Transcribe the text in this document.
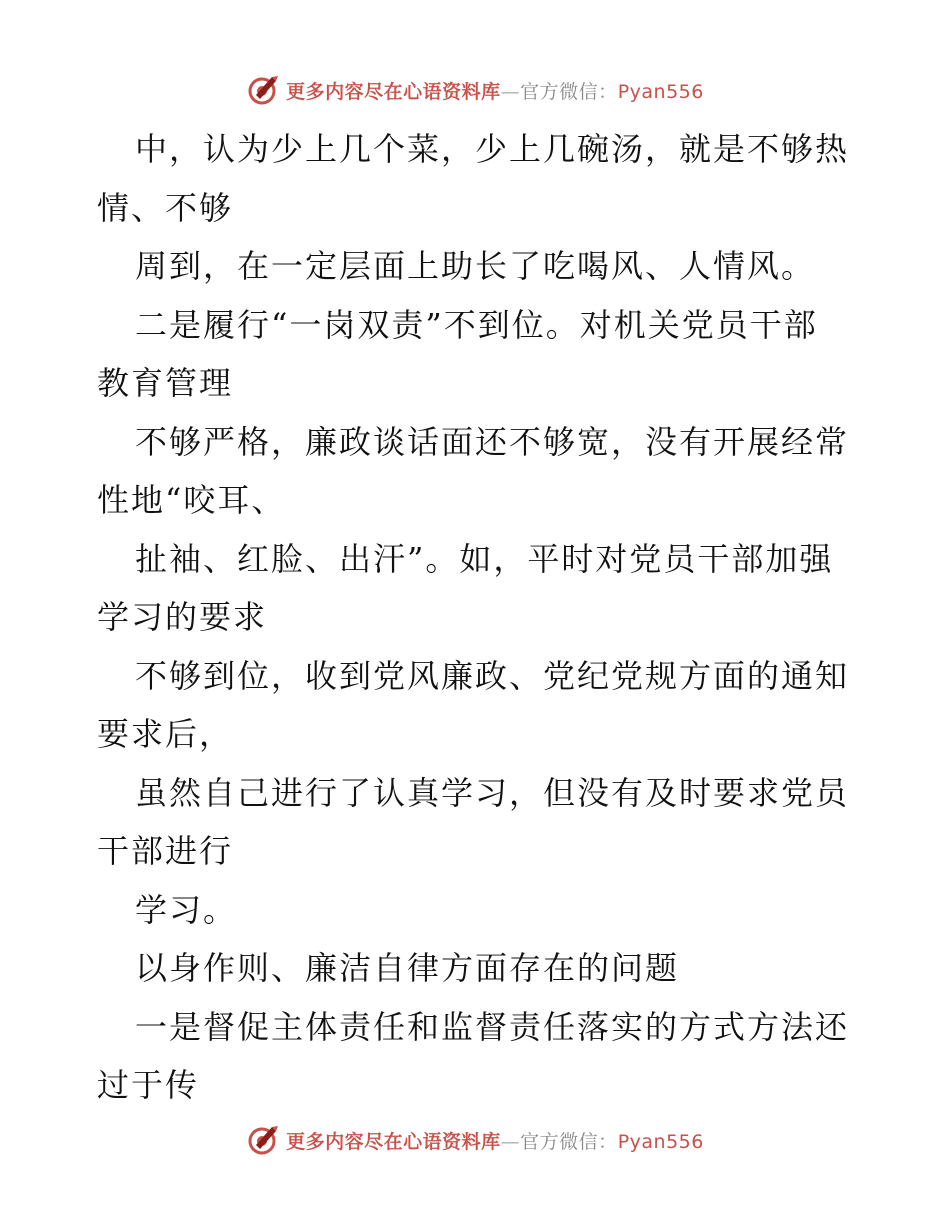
更多内容尽在心语资料库—官方微信：Pyan556
中，认为少上几个菜，少上几碗汤，就是不够热
情、不够
周到，在一定层面上助长了吃喝风、人情风。
二是履行“一岗双责”不到位。对机关党员干部
教育管理
不够严格，廉政谈话面还不够宽，没有开展经常
性地“咬耳、
扯袖、红脸、出汗”。如，平时对党员干部加强
学习的要求
不够到位，收到党风廉政、党纪党规方面的通知
要求后，
虽然自己进行了认真学习，但没有及时要求党员
干部进行
学习。
以身作则、廉洁自律方面存在的问题
一是督促主体责任和监督责任落实的方式方法还
过于传
更多内容尽在心语资料库—官方微信：Pyan556
